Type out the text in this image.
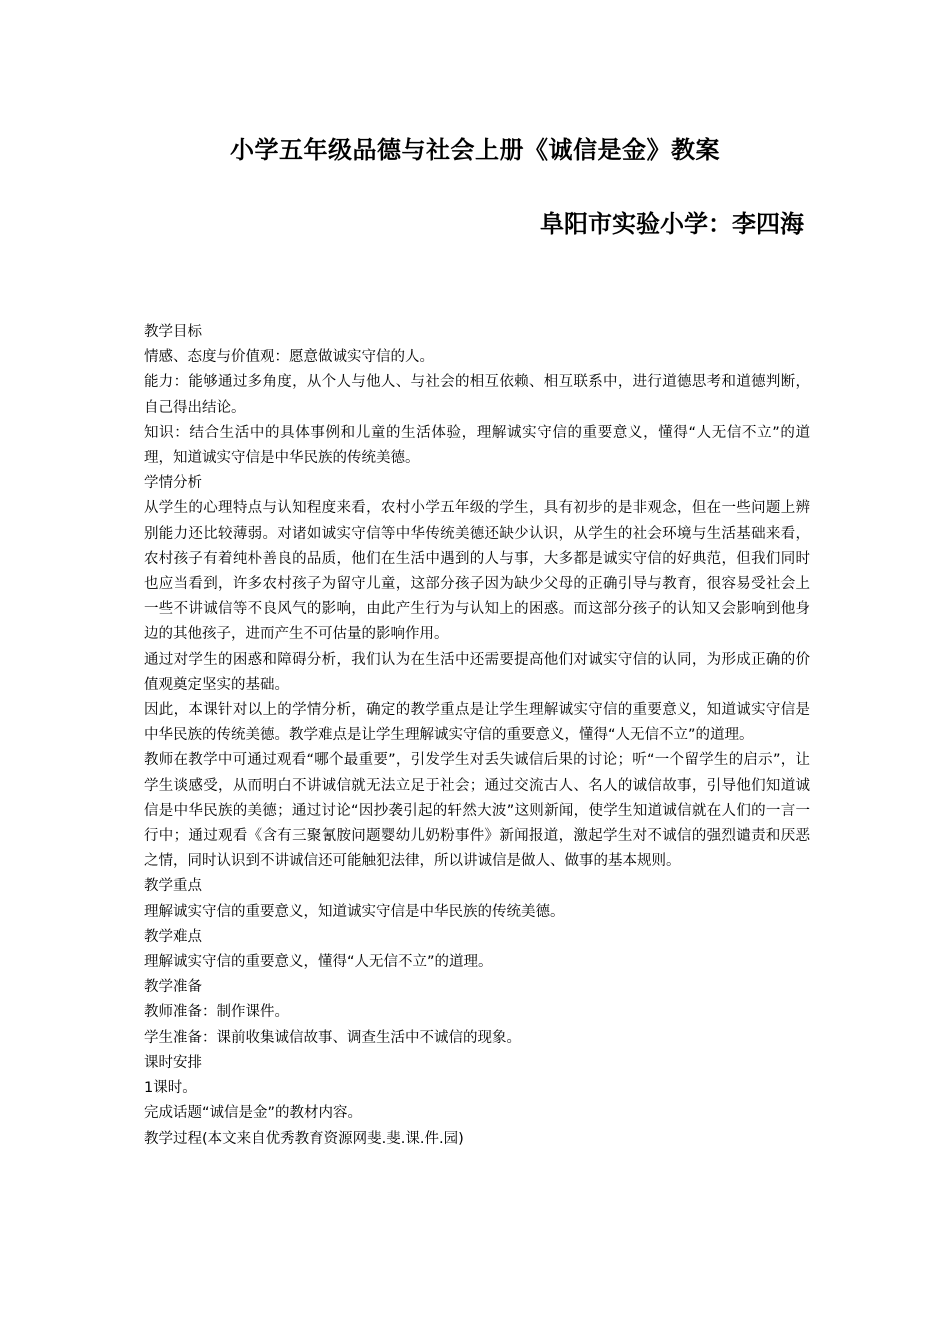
小学五年级品德与社会上册《诚信是金》教案
阜阳市实验小学：李四海

教学目标

情感、态度与价值观：愿意做诚实守信的人。

能力：能够通过多角度，从个人与他人、与社会的相互依赖、相互联系中，进行道德思考和道德判断，自己得出结论。

知识：结合生活中的具体事例和儿童的生活体验，理解诚实守信的重要意义，懂得“人无信不立”的道理，知道诚实守信是中华民族的传统美德。

学情分析

从学生的心理特点与认知程度来看，农村小学五年级的学生，具有初步的是非观念，但在一些问题上辨别能力还比较薄弱。对诸如诚实守信等中华传统美德还缺少认识，从学生的社会环境与生活基础来看，农村孩子有着纯朴善良的品质，他们在生活中遇到的人与事，大多都是诚实守信的好典范，但我们同时也应当看到，许多农村孩子为留守儿童，这部分孩子因为缺少父母的正确引导与教育，很容易受社会上一些不讲诚信等不良风气的影响，由此产生行为与认知上的困惑。而这部分孩子的认知又会影响到他身边的其他孩子，进而产生不可估量的影响作用。

通过对学生的困惑和障碍分析，我们认为在生活中还需要提高他们对诚实守信的认同，为形成正确的价值观奠定坚实的基础。

因此，本课针对以上的学情分析，确定的教学重点是让学生理解诚实守信的重要意义，知道诚实守信是中华民族的传统美德。教学难点是让学生理解诚实守信的重要意义，懂得“人无信不立”的道理。

教师在教学中可通过观看“哪个最重要”，引发学生对丢失诚信后果的讨论；听“一个留学生的启示”，让学生谈感受，从而明白不讲诚信就无法立足于社会；通过交流古人、名人的诚信故事，引导他们知道诚信是中华民族的美德；通过讨论“因抄袭引起的轩然大波”这则新闻，使学生知道诚信就在人们的一言一行中；通过观看《含有三聚氰胺问题婴幼儿奶粉事件》新闻报道，激起学生对不诚信的强烈谴责和厌恶之情，同时认识到不讲诚信还可能触犯法律，所以讲诚信是做人、做事的基本规则。

教学重点

理解诚实守信的重要意义，知道诚实守信是中华民族的传统美德。

教学难点

理解诚实守信的重要意义，懂得“人无信不立”的道理。

教学准备

教师准备：制作课件。

学生准备：课前收集诚信故事、调查生活中不诚信的现象。

课时安排

1课时。

完成话题“诚信是金”的教材内容。

教学过程(本文来自优秀教育资源网斐.斐.课.件.园)
